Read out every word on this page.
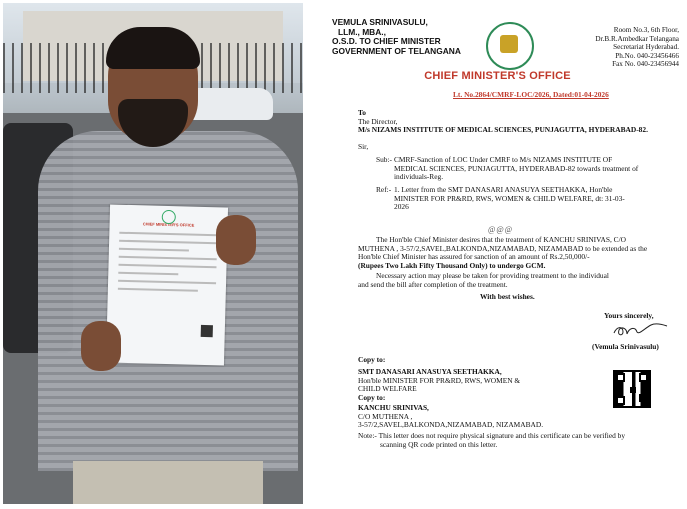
CHIEF MINISTER'S OFFICE
VEMULA SRINIVASULU,
LLM., MBA.,
O.S.D. TO CHIEF MINISTER
GOVERNMENT OF TELANGANA
Room No.3, 6th Floor,
Dr.B.R.Ambedkar Telangana
Secretariat Hyderabad.
Ph.No. 040-23456466
Fax No. 040-23456944
CHIEF MINISTER'S OFFICE
Lt. No.2864/CMRF-LOC/2026, Dated:01-04-2026
To
The Director,
M/s NIZAMS INSTITUTE OF MEDICAL SCIENCES, PUNJAGUTTA, HYDERABAD-82.
Sir,
Sub:- CMRF-Sanction of LOC Under CMRF to M/s NIZAMS INSTITUTE OF
MEDICAL SCIENCES, PUNJAGUTTA, HYDERABAD-82 towards treatment of
individuals-Reg.
Ref:- 1. Letter from the SMT DANASARI ANASUYA SEETHAKKA, Hon'ble
MINISTER FOR PR&RD, RWS, WOMEN & CHILD WELFARE, dt: 31-03-
2026
@@@
The Hon'ble Chief Minister desires that the treatment of KANCHU SRINIVAS, C/O
MUTHENA , 3-57/2,SAVEL,BALKONDA,NIZAMABAD, NIZAMABAD to be extended as the
Hon'ble Chief Minister has assured for sanction of an amount of Rs.2,50,000/-
(Rupees Two Lakh Fifty Thousand Only) to undergo GCM.
Necessary action may please be taken for providing treatment to the individual
and send the bill after completion of the treatment.
With best wishes.
Yours sincerely,
(Vemula Srinivasulu)
Copy to:
SMT DANASARI ANASUYA SEETHAKKA,
Hon'ble MINISTER FOR PR&RD, RWS, WOMEN &
CHILD WELFARE
Copy to:
KANCHU SRINIVAS,
C/O MUTHENA ,
3-57/2,SAVEL,BALKONDA,NIZAMABAD, NIZAMABAD.
Note:- This letter does not require physical signature and this certificate can be verified by
scanning QR code printed on this letter.
